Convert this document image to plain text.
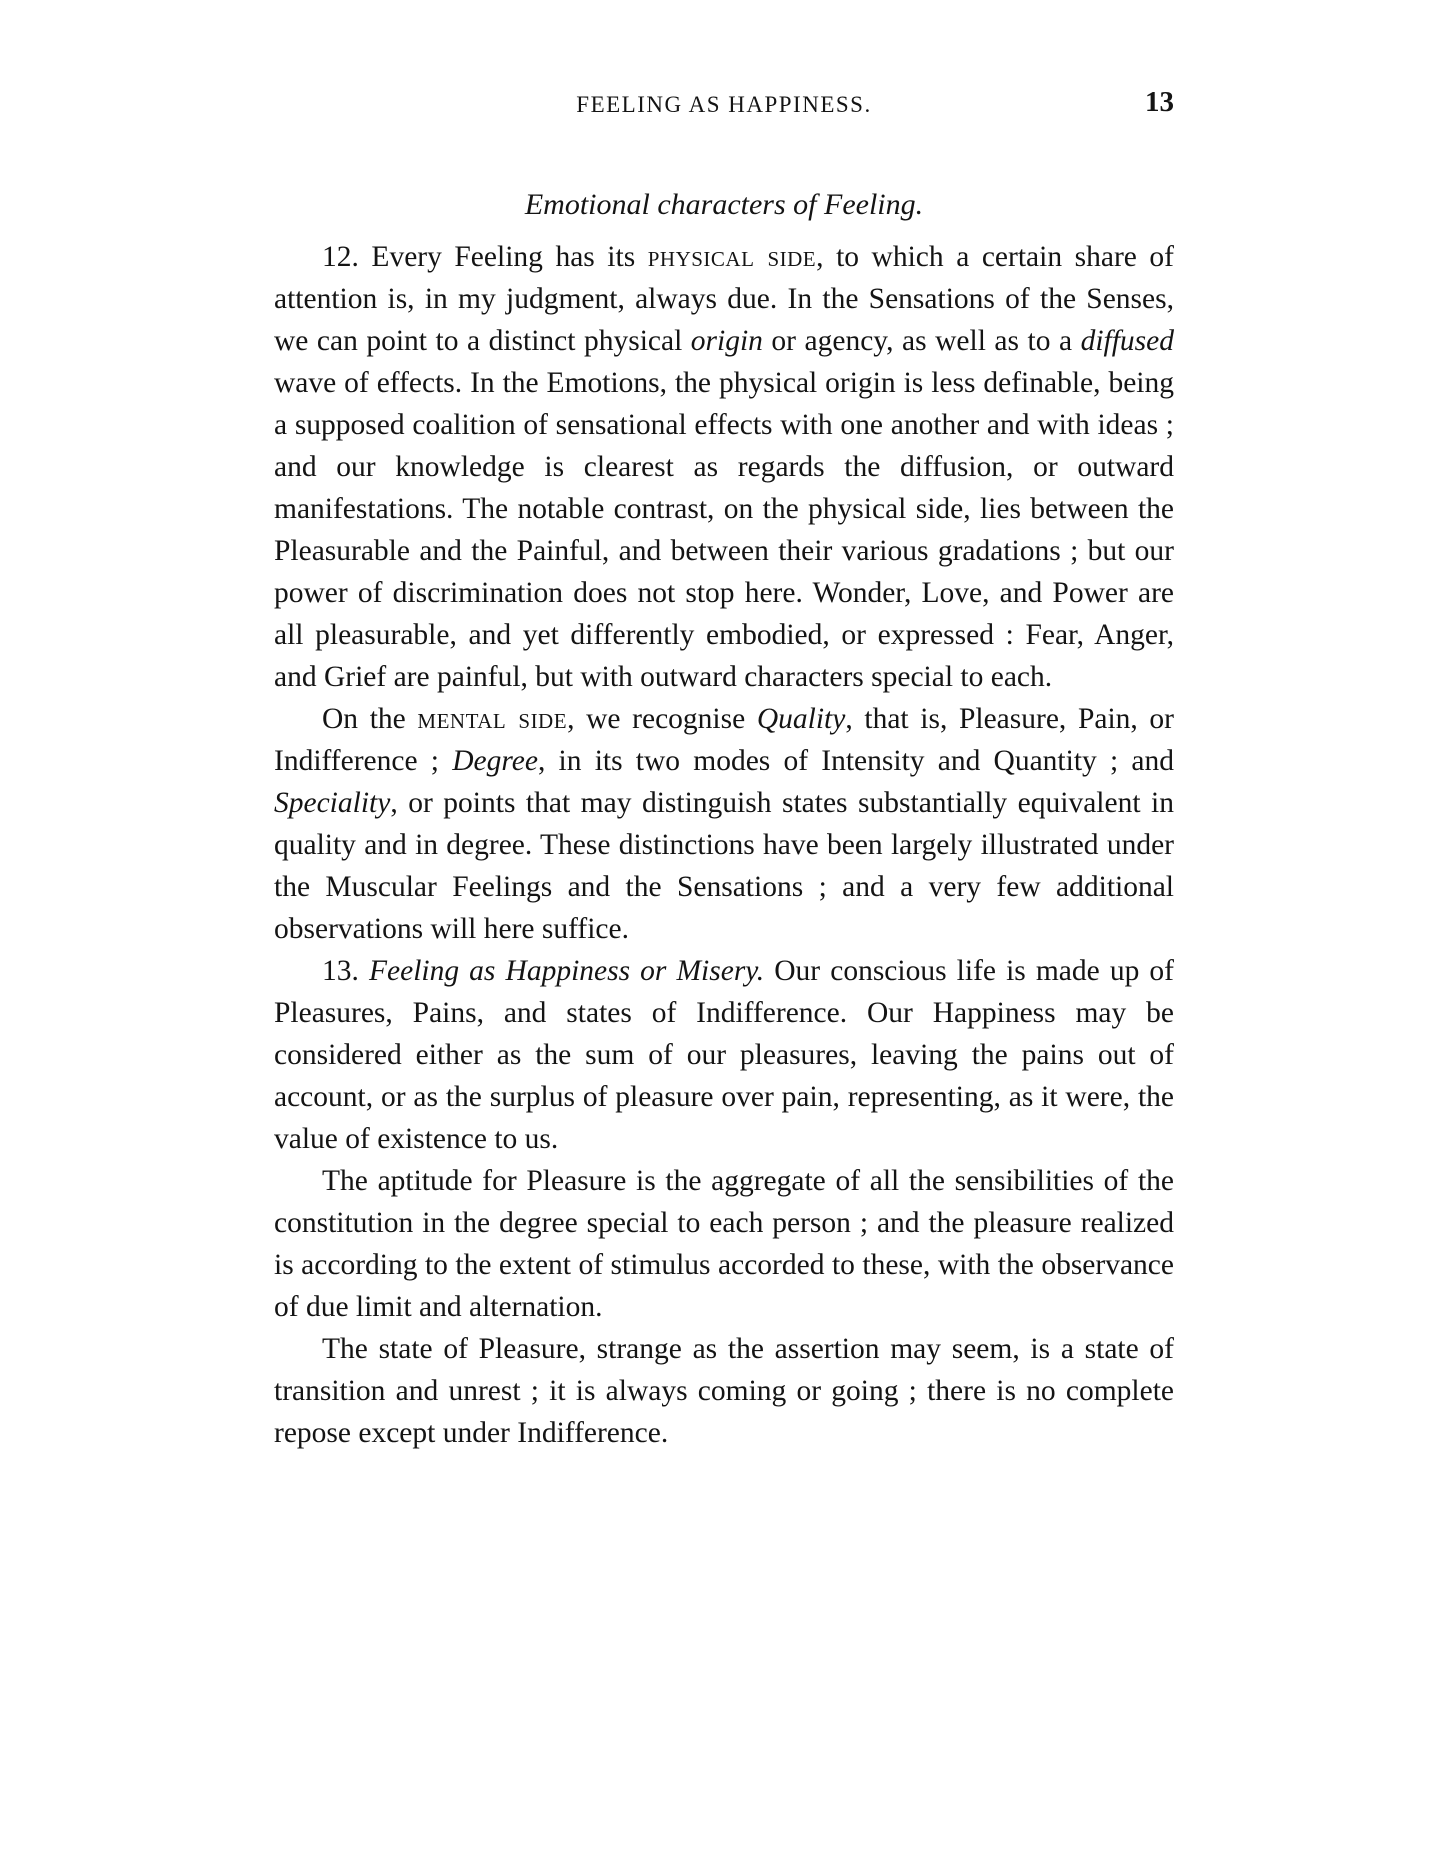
FEELING AS HAPPINESS.	13
Emotional characters of Feeling.

12. Every Feeling has its physical side, to which a certain share of attention is, in my judgment, always due. In the Sensations of the Senses, we can point to a distinct physical origin or agency, as well as to a diffused wave of effects. In the Emotions, the physical origin is less definable, being a supposed coalition of sensational effects with one another and with ideas ; and our knowledge is clearest as regards the diffusion, or outward manifestations. The notable contrast, on the physical side, lies between the Pleasurable and the Painful, and between their various gradations ; but our power of discrimination does not stop here. Wonder, Love, and Power are all pleasurable, and yet differently embodied, or expressed : Fear, Anger, and Grief are painful, but with outward characters special to each.

On the mental side, we recognise Quality, that is, Pleasure, Pain, or Indifference ; Degree, in its two modes of Intensity and Quantity ; and Speciality, or points that may distinguish states substantially equivalent in quality and in degree. These distinctions have been largely illustrated under the Muscular Feelings and the Sensations ; and a very few additional observations will here suffice.

13. Feeling as Happiness or Misery. Our conscious life is made up of Pleasures, Pains, and states of Indifference. Our Happiness may be considered either as the sum of our pleasures, leaving the pains out of account, or as the surplus of pleasure over pain, representing, as it were, the value of existence to us.

The aptitude for Pleasure is the aggregate of all the sensibilities of the constitution in the degree special to each person ; and the pleasure realized is according to the extent of stimulus accorded to these, with the observance of due limit and alternation.

The state of Pleasure, strange as the assertion may seem, is a state of transition and unrest ; it is always coming or going ; there is no complete repose except under Indifference.
